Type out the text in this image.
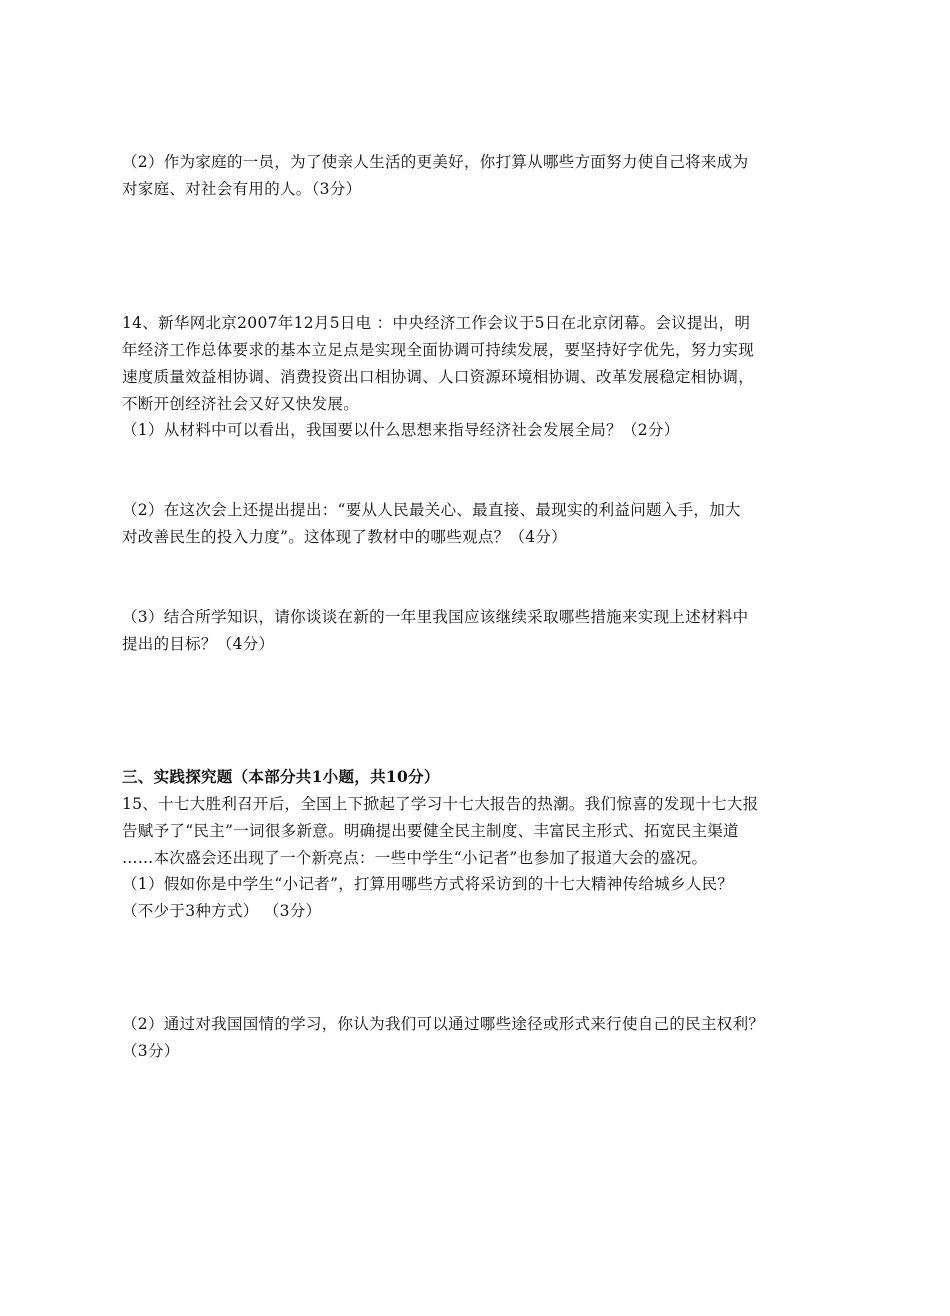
（2）作为家庭的一员，为了使亲人生活的更美好，你打算从哪些方面努力使自己将来成为
对家庭、对社会有用的人。（3分）
14、新华网北京2007年12月5日电 ：中央经济工作会议于5日在北京闭幕。会议提出，明
年经济工作总体要求的基本立足点是实现全面协调可持续发展，要坚持好字优先，努力实现
速度质量效益相协调、消费投资出口相协调、人口资源环境相协调、改革发展稳定相协调，
不断开创经济社会又好又快发展。
（1）从材料中可以看出，我国要以什么思想来指导经济社会发展全局？（2分）
（2）在这次会上还提出提出：“要从人民最关心、最直接、最现实的利益问题入手，加大
对改善民生的投入力度”。这体现了教材中的哪些观点？（4分）
（3）结合所学知识，请你谈谈在新的一年里我国应该继续采取哪些措施来实现上述材料中
提出的目标？（4分）
三、实践探究题（本部分共1小题，共10分）
15、十七大胜利召开后，全国上下掀起了学习十七大报告的热潮。我们惊喜的发现十七大报
告赋予了“民主”一词很多新意。明确提出要健全民主制度、丰富民主形式、拓宽民主渠道
……本次盛会还出现了一个新亮点：一些中学生“小记者”也参加了报道大会的盛况。
（1）假如你是中学生“小记者”，打算用哪些方式将采访到的十七大精神传给城乡人民？
（不少于3种方式） （3分）
（2）通过对我国国情的学习，你认为我们可以通过哪些途径或形式来行使自己的民主权利？
（3分）
